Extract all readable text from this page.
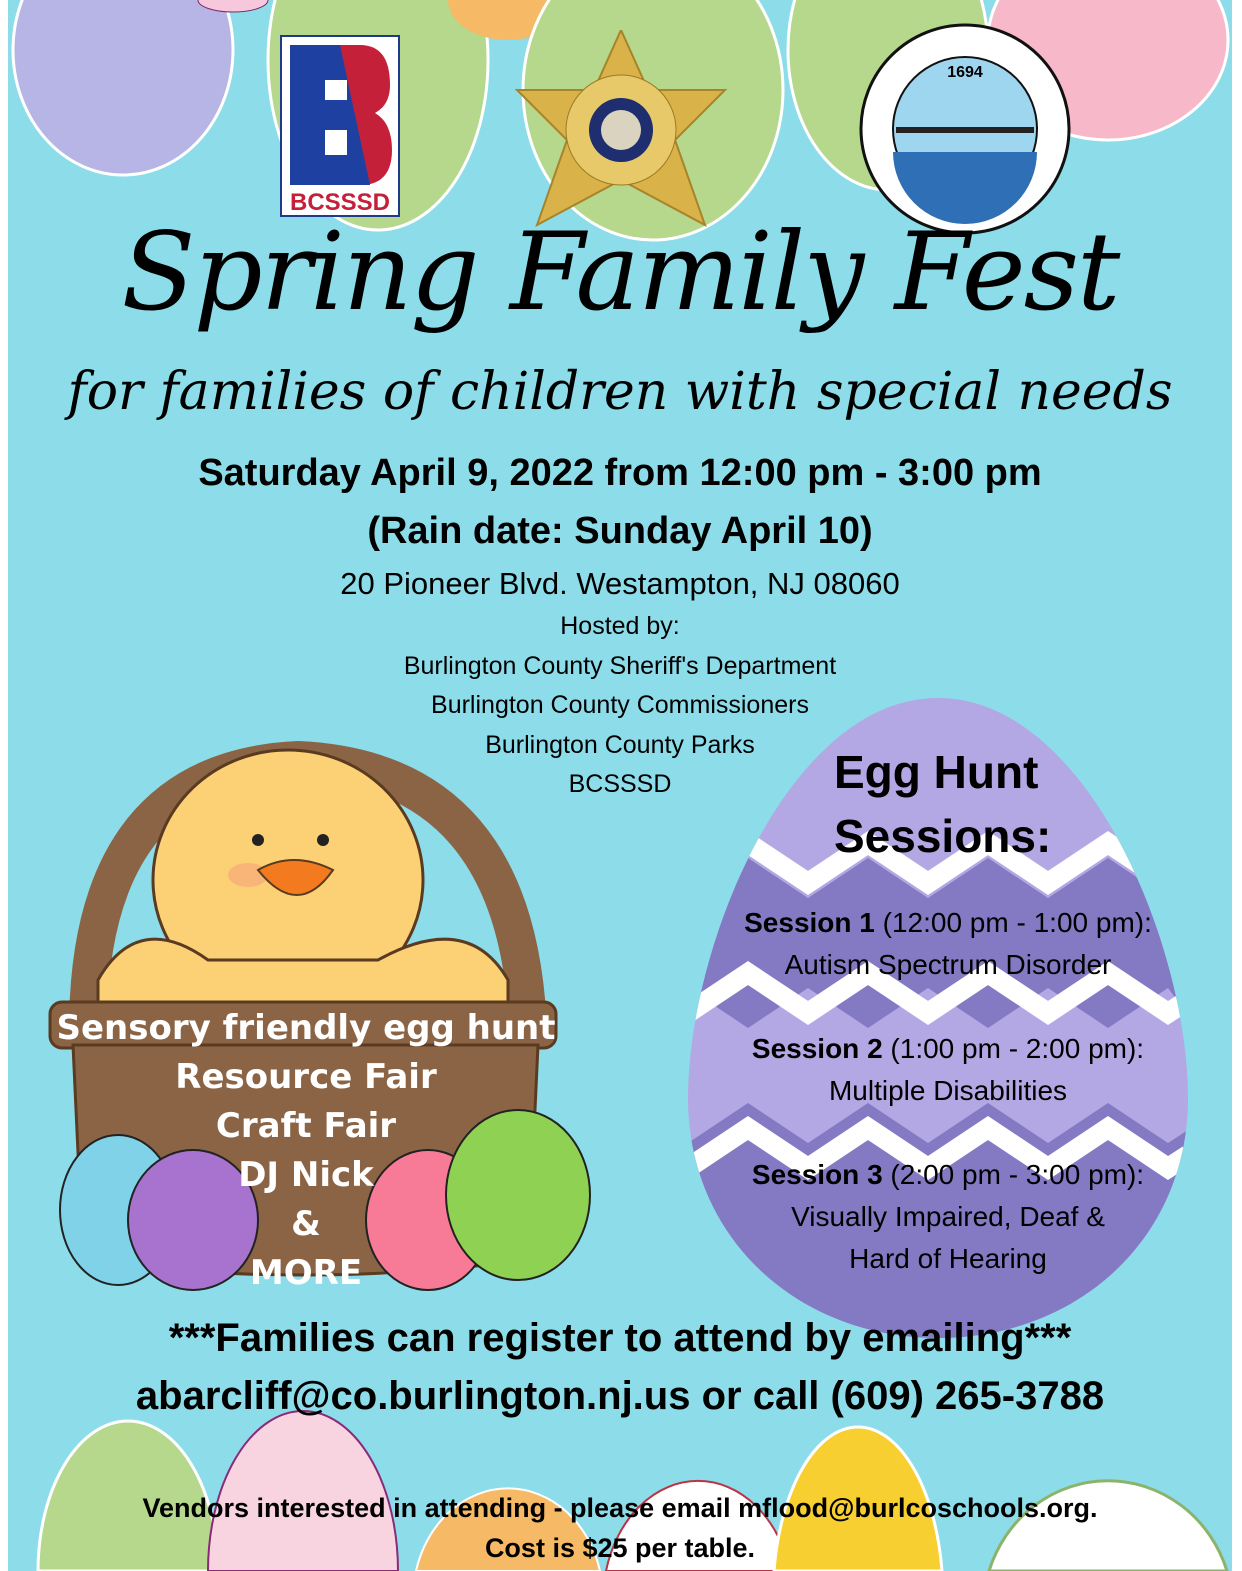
BCSSSD
1694
Spring Family Fest
for families of children with special needs
Saturday April 9, 2022 from 12:00 pm - 3:00 pm
(Rain date: Sunday April 10)
20 Pioneer Blvd. Westampton, NJ 08060
Hosted by:
Burlington County Sheriff's Department
Burlington County Commissioners
Burlington County Parks
BCSSSD
Sensory friendly egg hunt
Resource Fair
Craft Fair
DJ Nick
&
MORE
Egg Hunt
Sessions:
Session 1 (12:00 pm - 1:00 pm):
Autism Spectrum Disorder
Session 2 (1:00 pm - 2:00 pm):
Multiple Disabilities
Session 3 (2:00 pm - 3:00 pm):
Visually Impaired, Deaf & Hard of Hearing
***Families can register to attend by emailing***
abarcliff@co.burlington.nj.us or call (609) 265-3788
Vendors interested in attending - please email mflood@burlcoschools.org.
Cost is $25 per table.
